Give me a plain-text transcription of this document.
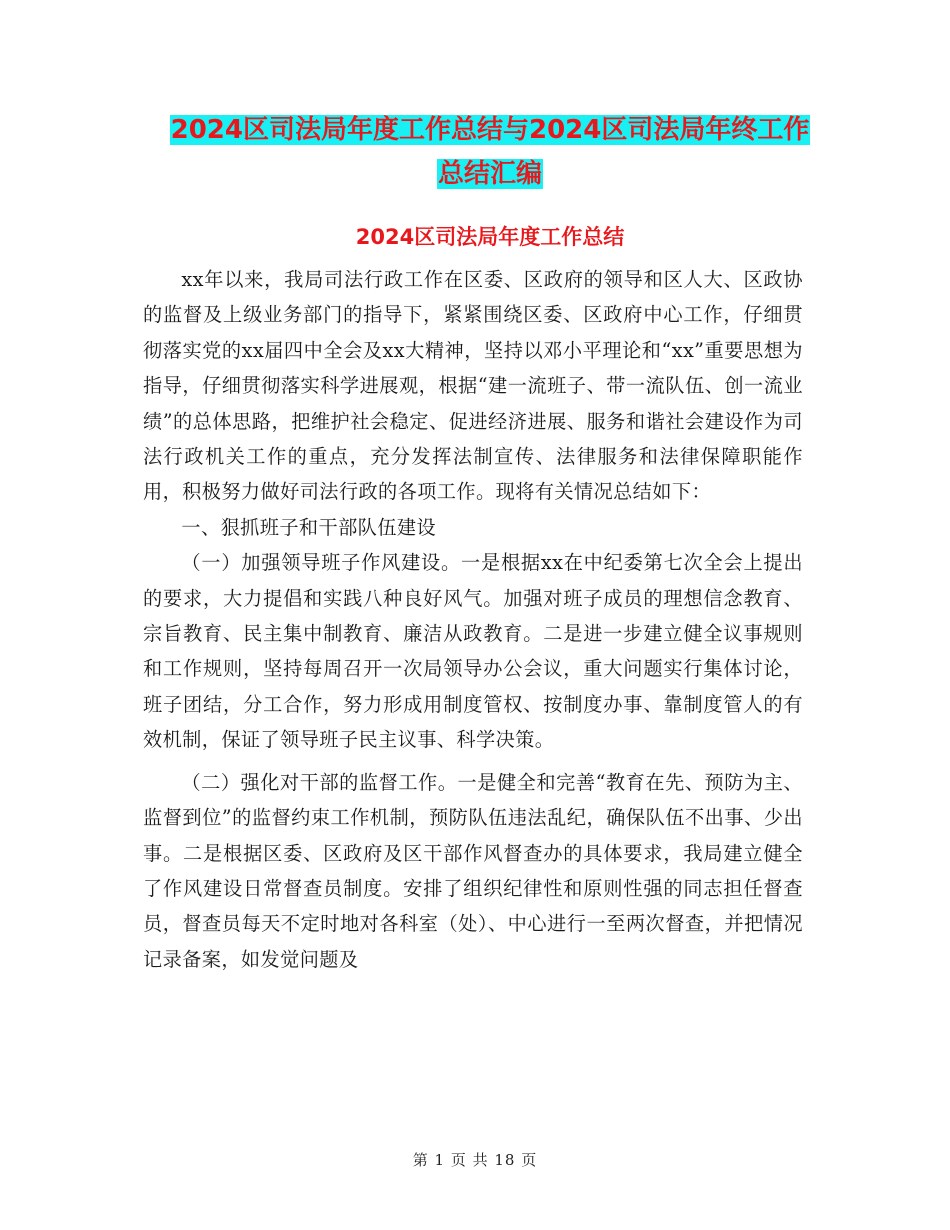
2024区司法局年度工作总结与2024区司法局年终工作
总结汇编
2024区司法局年度工作总结

xx年以来，我局司法行政工作在区委、区政府的领导和区人大、区政协的监督及上级业务部门的指导下，紧紧围绕区委、区政府中心工作，仔细贯彻落实党的xx届四中全会及xx大精神，坚持以邓小平理论和“xx”重要思想为指导，仔细贯彻落实科学进展观，根据“建一流班子、带一流队伍、创一流业绩”的总体思路，把维护社会稳定、促进经济进展、服务和谐社会建设作为司法行政机关工作的重点，充分发挥法制宣传、法律服务和法律保障职能作用，积极努力做好司法行政的各项工作。现将有关情况总结如下：

一、狠抓班子和干部队伍建设

（一）加强领导班子作风建设。一是根据xx在中纪委第七次全会上提出的要求，大力提倡和实践八种良好风气。加强对班子成员的理想信念教育、宗旨教育、民主集中制教育、廉洁从政教育。二是进一步建立健全议事规则和工作规则，坚持每周召开一次局领导办公会议，重大问题实行集体讨论，班子团结，分工合作，努力形成用制度管权、按制度办事、靠制度管人的有效机制，保证了领导班子民主议事、科学决策。

（二）强化对干部的监督工作。一是健全和完善“教育在先、预防为主、监督到位”的监督约束工作机制，预防队伍违法乱纪，确保队伍不出事、少出事。二是根据区委、区政府及区干部作风督查办的具体要求，我局建立健全了作风建设日常督查员制度。安排了组织纪律性和原则性强的同志担任督查员，督查员每天不定时地对各科室（处）、中心进行一至两次督查，并把情况记录备案，如发觉问题及

第 1 页 共 18 页
